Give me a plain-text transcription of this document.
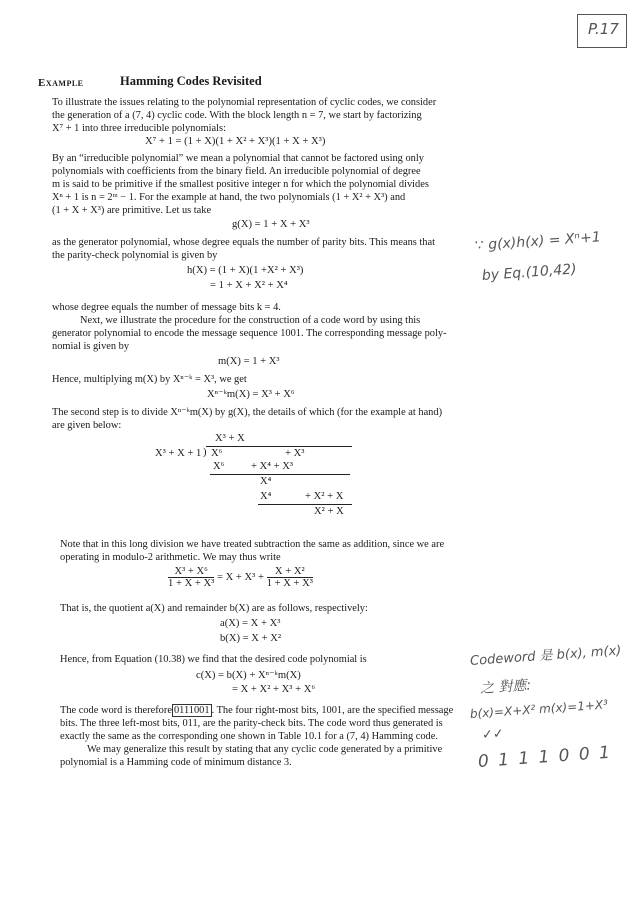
P.17
Example	Hamming Codes Revisited
To illustrate the issues relating to the polynomial representation of cyclic codes, we consider
the generation of a (7, 4) cyclic code. With the block length n = 7, we start by factorizing
X⁷ + 1 into three irreducible polynomials:
X⁷ + 1 = (1 + X)(1 + X² + X³)(1 + X + X³)
By an “irreducible polynomial” we mean a polynomial that cannot be factored using only
polynomials with coefficients from the binary field. An irreducible polynomial of degree
m is said to be primitive if the smallest positive integer n for which the polynomial divides
Xⁿ + 1 is n = 2ᵐ − 1. For the example at hand, the two polynomials (1 + X² + X³) and
(1 + X + X³) are primitive. Let us take
g(X) = 1 + X + X³
as the generator polynomial, whose degree equals the number of parity bits. This means that
the parity-check polynomial is given by
h(X) = (1 + X)(1 +X² + X³)
= 1 + X + X² + X⁴
whose degree equals the number of message bits k = 4.
Next, we illustrate the procedure for the construction of a code word by using this
generator polynomial to encode the message sequence 1001. The corresponding message poly-
nomial is given by
m(X) = 1 + X³
Hence, multiplying m(X) by Xⁿ⁻ᵏ = X³, we get
Xⁿ⁻ᵏm(X) = X³ + X⁶
The second step is to divide Xⁿ⁻ᵏm(X) by g(X), the details of which (for the example at hand)
are given below:
X³ + X
X³ + X + 1 ) X⁶	+ X³
X⁶	+ X⁴ + X³
X⁴
X⁴	+ X² + X
X² + X
Note that in this long division we have treated subtraction the same as addition, since we are
operating in modulo-2 arithmetic. We may thus write
$\frac{\text{X³ + X⁶}}{\text{1 + X + X³}} = X + X^3 + \frac{\text{X + X²}}{\text{1 + X + X³}}$
That is, the quotient a(X) and remainder b(X) are as follows, respectively:
a(X) = X + X³
b(X) = X + X²
Hence, from Equation (10.38) we find that the desired code polynomial is
c(X) = b(X) + Xⁿ⁻ᵏm(X)
= X + X² + X³ + X⁶
The code word is therefore 0111001 . The four right-most bits, 1001, are the specified message
bits. The three left-most bits, 011, are the parity-check bits. The code word thus generated is
exactly the same as the corresponding one shown in Table 10.1 for a (7, 4) Hamming code.
We may generalize this result by stating that any cyclic code generated by a primitive
polynomial is a Hamming code of minimum distance 3.
∵ g(x)h(x) = Xⁿ+1
by Eq.(10,42)
Codeword 是 b(x), m(x)
之 對應:
b(x)=X+X² m(x)=1+X³
✓✓
0 1 1 1 0 0 1
